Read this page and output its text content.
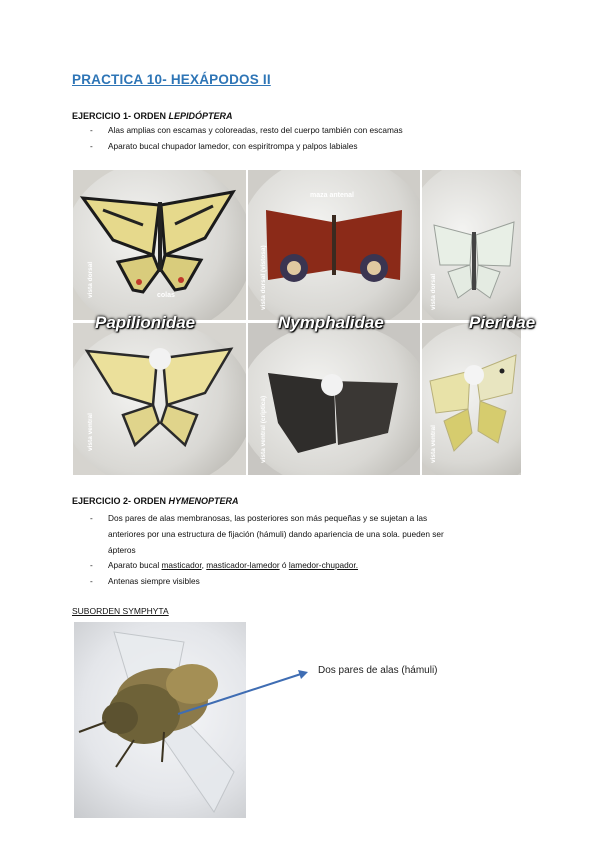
PRACTICA 10- HEXÁPODOS II
EJERCICIO 1- ORDEN LEPIDÓPTERA
- Alas amplias con escamas y coloreadas, resto del cuerpo también con escamas
- Aparato bucal chupador lamedor, con espiritrompa y palpos labiales
vista dorsal	colas
maza antenal
vista dorsal (vistosa)	vista dorsal
vista ventral	vista ventral (críptica)	vista ventral
Papilionidae	Nymphalidae	Pieridae
EJERCICIO 2- ORDEN HYMENOPTERA
- Dos pares de alas membranosas, las posteriores son más pequeñas y se sujetan a las
anteriores por una estructura de fijación (hámuli) dando apariencia de una sola. pueden ser
ápteros
- Aparato bucal masticador, masticador-lamedor ó lamedor-chupador.
- Antenas siempre visibles
SUBORDEN SYMPHYTA
Dos pares de alas (hámuli)
